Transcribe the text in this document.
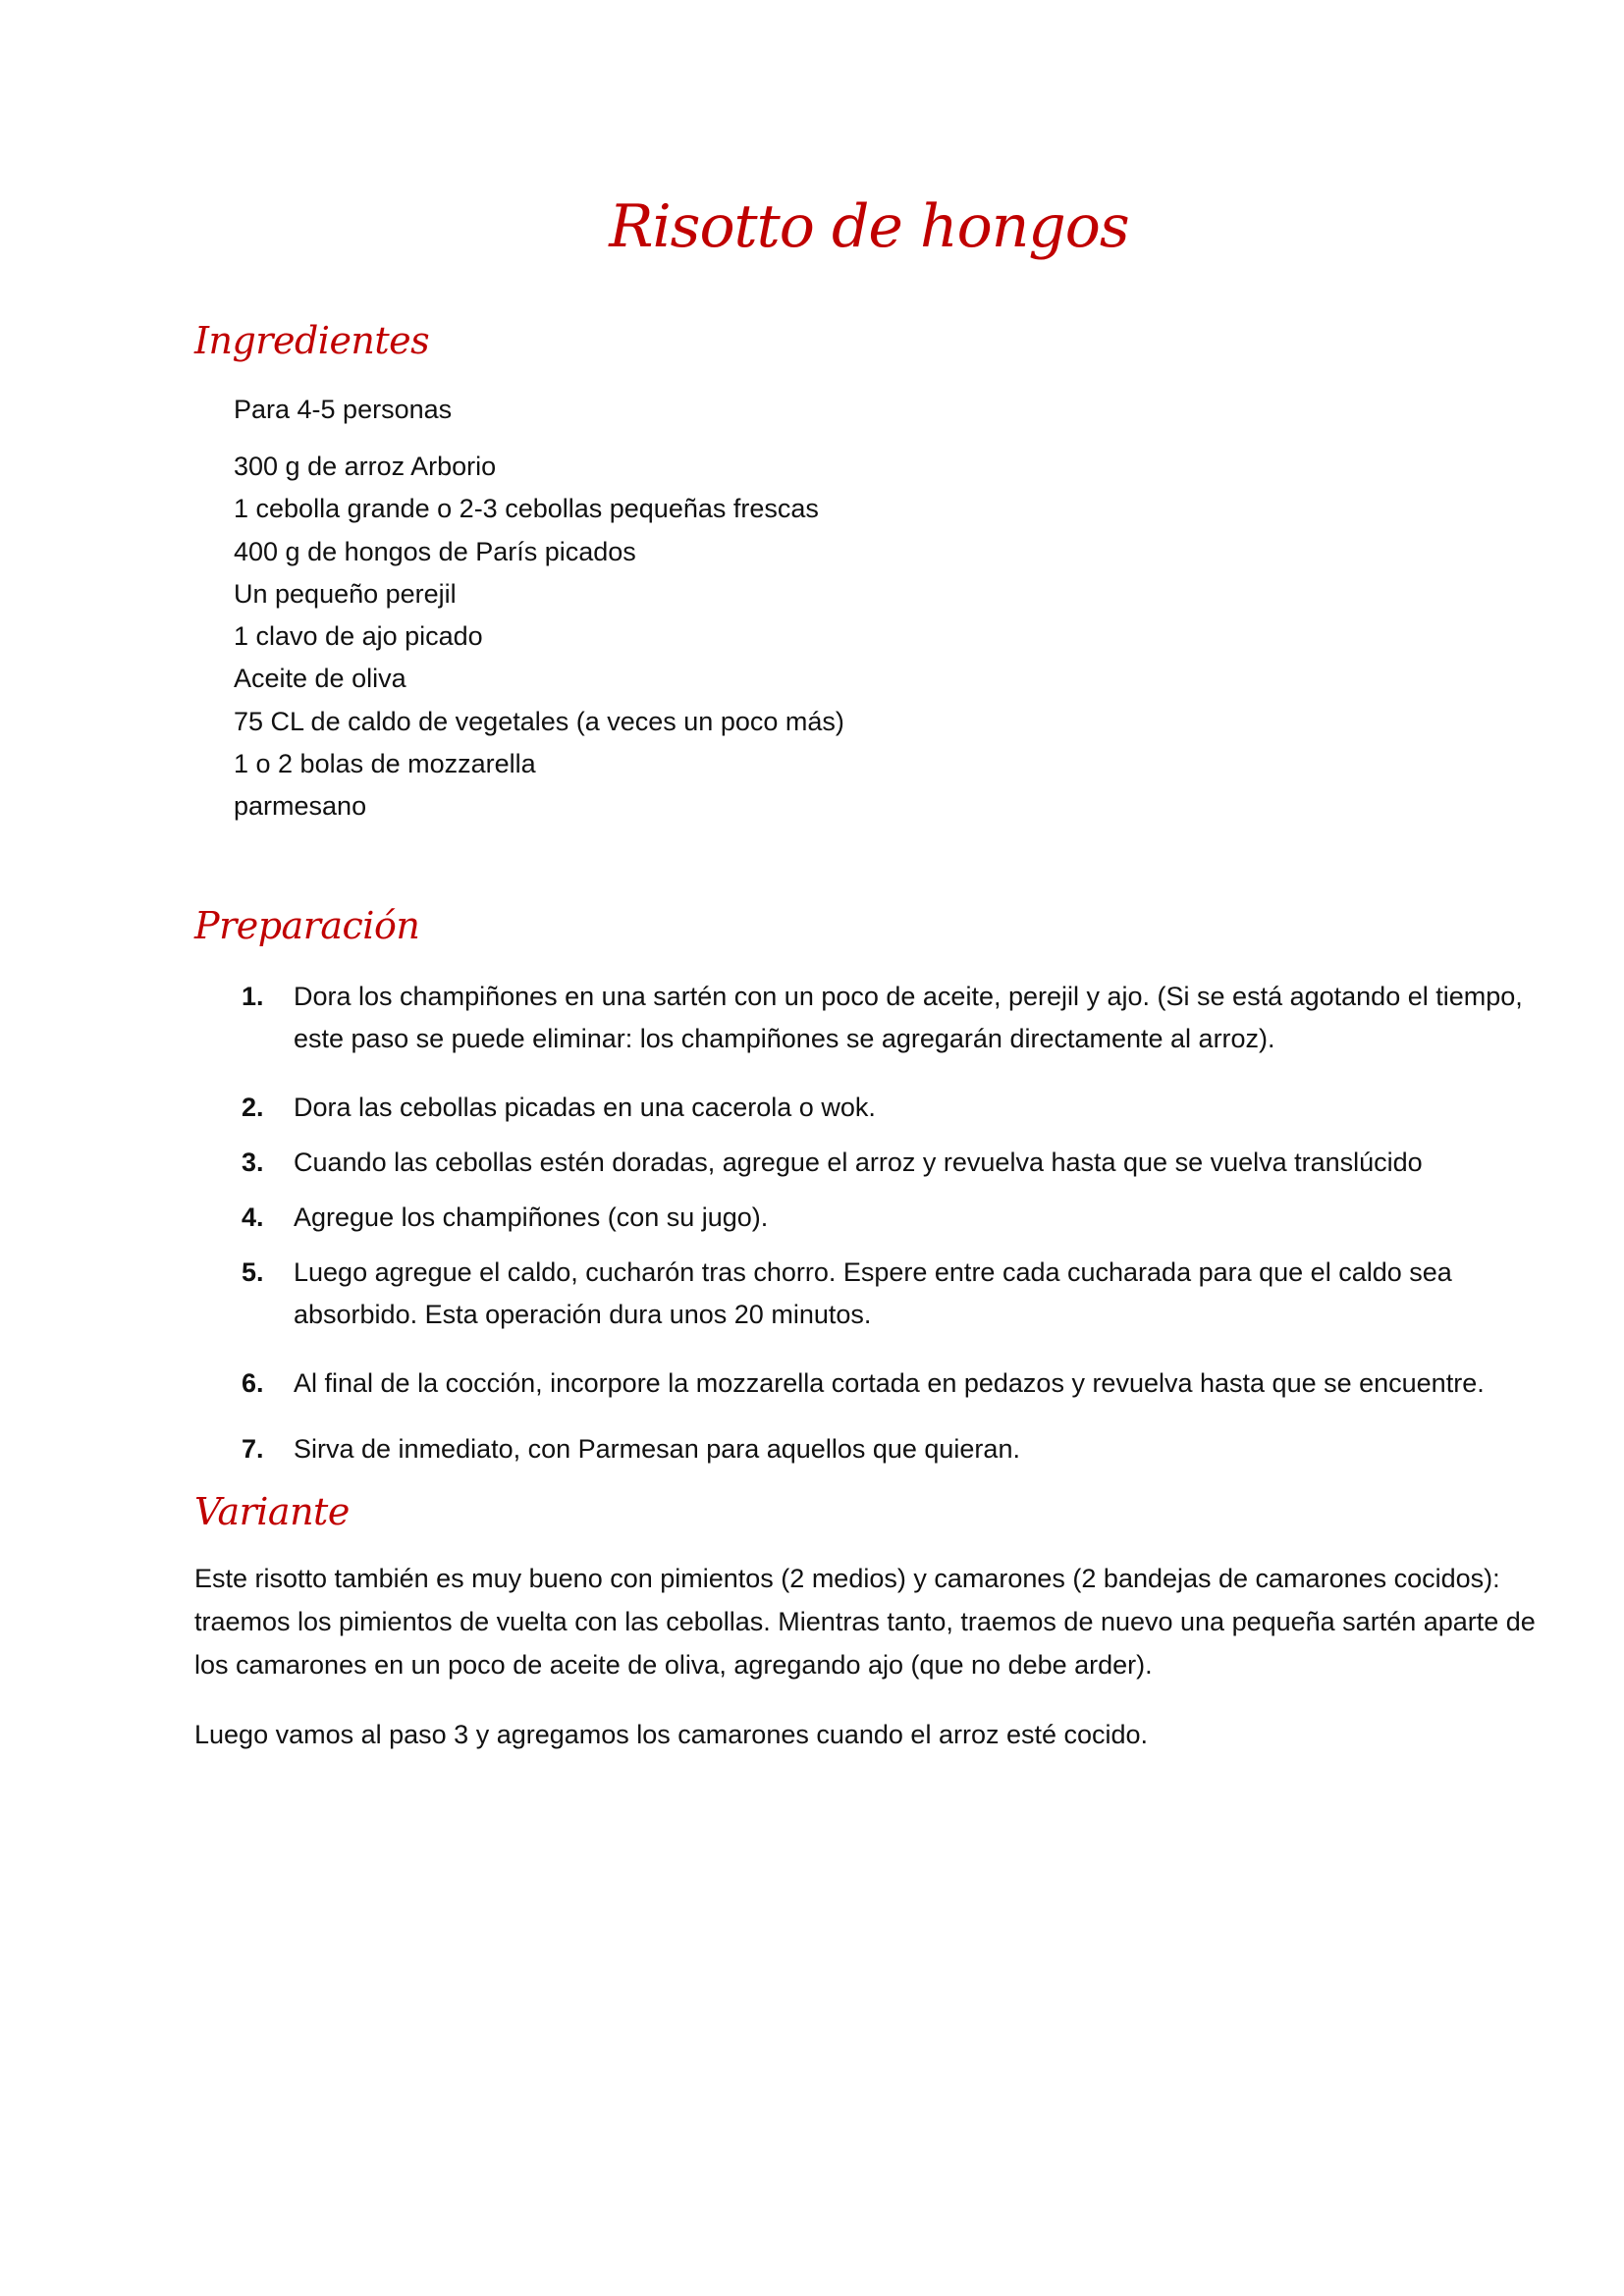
Risotto de hongos
Ingredientes

Para 4-5 personas

300 g de arroz Arborio
1 cebolla grande o 2-3 cebollas pequeñas frescas
400 g de hongos de París picados
Un pequeño perejil
1 clavo de ajo picado
Aceite de oliva
75 CL de caldo de vegetales (a veces un poco más)
1 o 2 bolas de mozzarella
parmesano
Preparación
1. Dora los champiñones en una sartén con un poco de aceite, perejil y ajo. (Si se está agotando el tiempo, este paso se puede eliminar: los champiñones se agregarán directamente al arroz).
2. Dora las cebollas picadas en una cacerola o wok.
3. Cuando las cebollas estén doradas, agregue el arroz y revuelva hasta que se vuelva translúcido
4. Agregue los champiñones (con su jugo).
5. Luego agregue el caldo, cucharón tras chorro. Espere entre cada cucharada para que el caldo sea absorbido. Esta operación dura unos 20 minutos.
6. Al final de la cocción, incorpore la mozzarella cortada en pedazos y revuelva hasta que se encuentre.
7. Sirva de inmediato, con Parmesan para aquellos que quieran.
Variante

Este risotto también es muy bueno con pimientos (2 medios) y camarones (2 bandejas de camarones cocidos): traemos los pimientos de vuelta con las cebollas. Mientras tanto, traemos de nuevo una pequeña sartén aparte de los camarones en un poco de aceite de oliva, agregando ajo (que no debe arder).

Luego vamos al paso 3 y agregamos los camarones cuando el arroz esté cocido.
